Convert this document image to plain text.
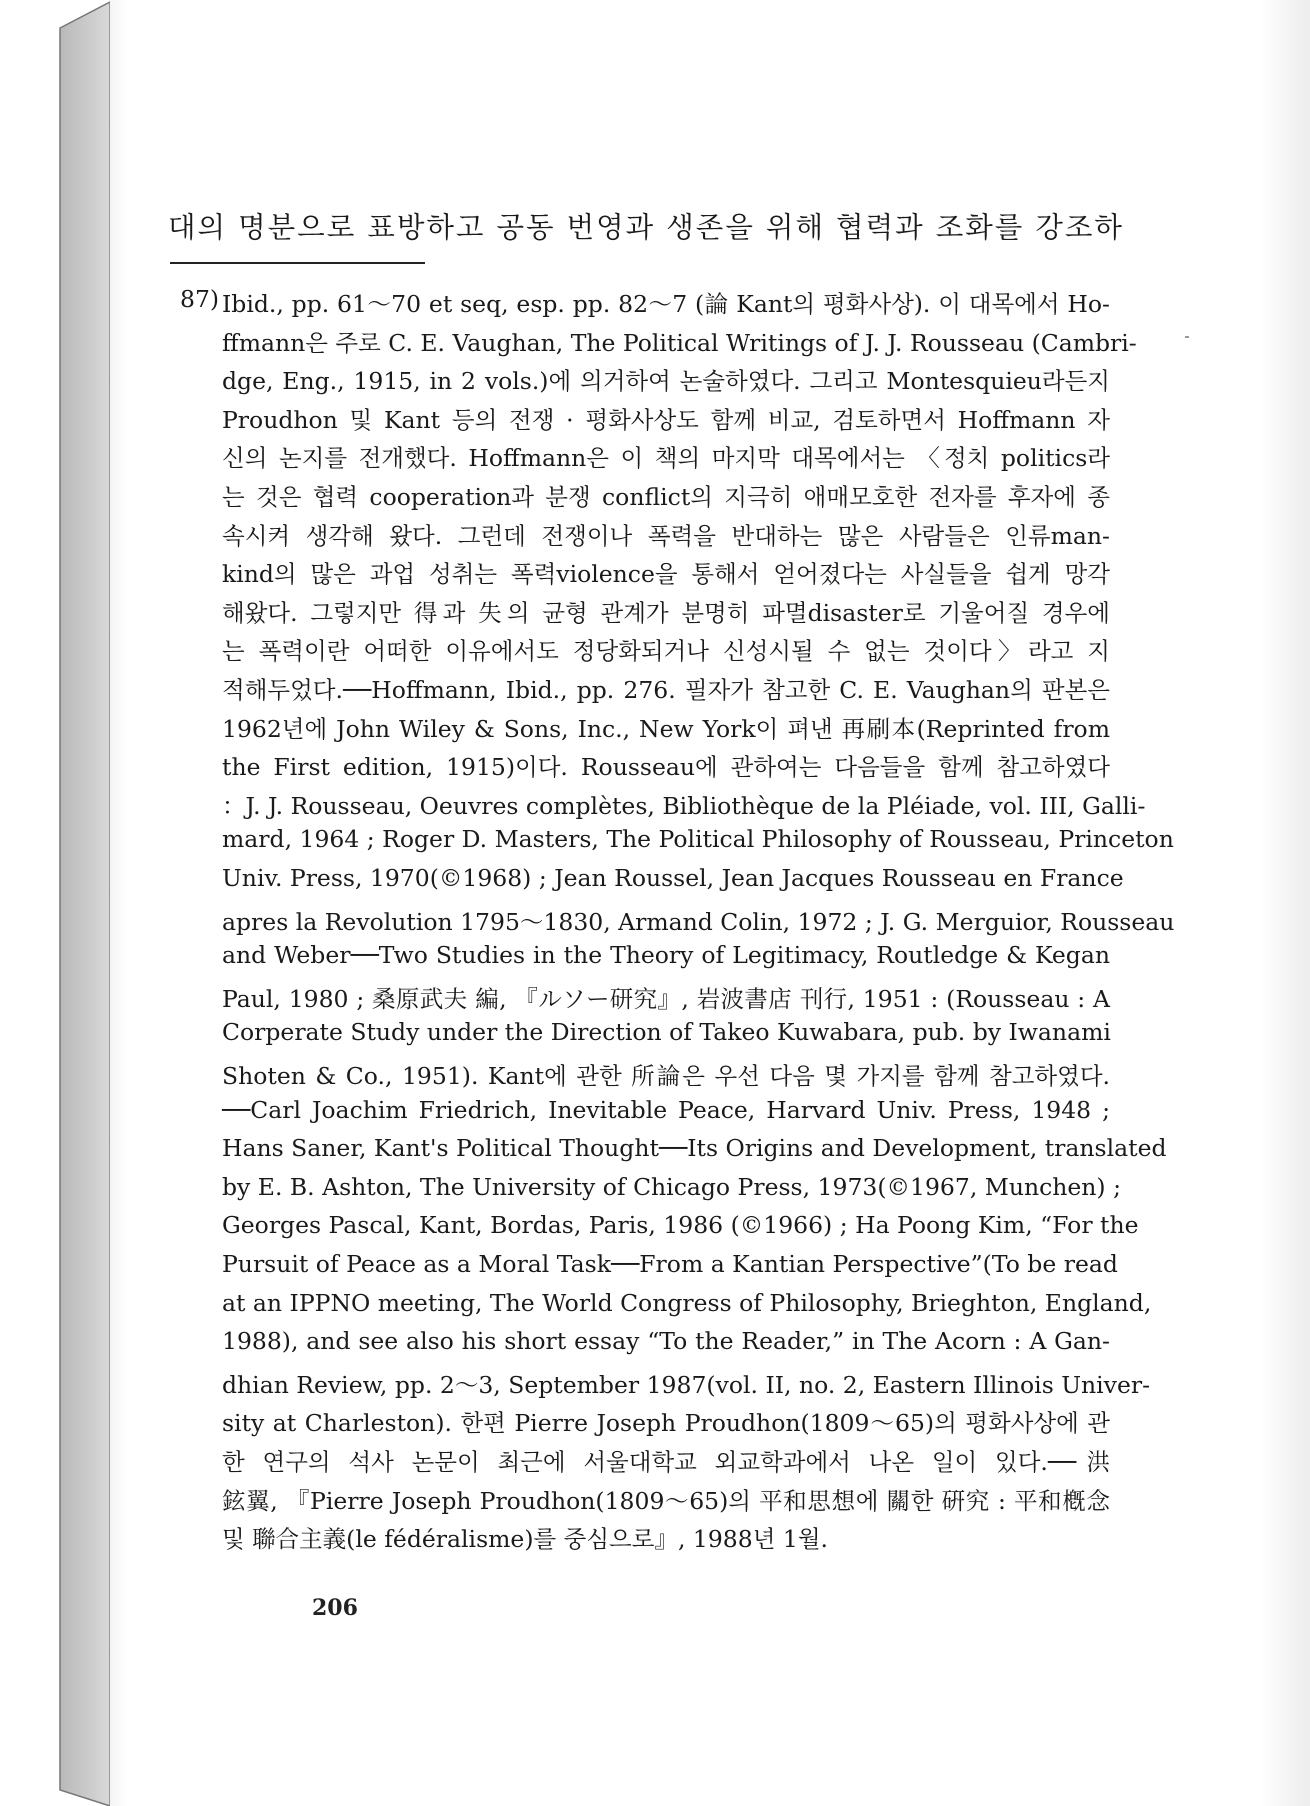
대의 명분으로 표방하고 공동 번영과 생존을 위해 협력과 조화를 강조하
87) Ibid., pp. 61～70 et seq, esp. pp. 82～7 (論 Kant의 평화사상). 이 대목에서 Ho-
ffmann은 주로 C. E. Vaughan, The Political Writings of J. J. Rousseau (Cambri-
dge, Eng., 1915, in 2 vols.)에 의거하여 논술하였다. 그리고 Montesquieu라든지
Proudhon 및 Kant 등의 전쟁 · 평화사상도 함께 비교, 검토하면서 Hoffmann 자
신의 논지를 전개했다. Hoffmann은 이 책의 마지막 대목에서는 〈정치 politics라
는 것은 협력 cooperation과 분쟁 conflict의 지극히 애매모호한 전자를 후자에 종
속시켜 생각해 왔다. 그런데 전쟁이나 폭력을 반대하는 많은 사람들은 인류man-
kind의 많은 과업 성취는 폭력violence을 통해서 얻어졌다는 사실들을 쉽게 망각
해왔다. 그렇지만 得과 失의 균형 관계가 분명히 파멸disaster로 기울어질 경우에
는 폭력이란 어떠한 이유에서도 정당화되거나 신성시될 수 없는 것이다〉라고 지
적해두었다.──Hoffmann, Ibid., pp. 276. 필자가 참고한 C. E. Vaughan의 판본은
1962년에 John Wiley & Sons, Inc., New York이 펴낸 再刷本(Reprinted from
the First edition, 1915)이다. Rousseau에 관하여는 다음들을 함께 참고하였다
：J. J. Rousseau, Oeuvres complètes, Bibliothèque de la Pléiade, vol. III, Galli-
mard, 1964 ; Roger D. Masters, The Political Philosophy of Rousseau, Princeton
Univ. Press, 1970(©1968) ; Jean Roussel, Jean Jacques Rousseau en France
apres la Revolution 1795～1830, Armand Colin, 1972 ; J. G. Merguior, Rousseau
and Weber──Two Studies in the Theory of Legitimacy, Routledge & Kegan
Paul, 1980 ; 桑原武夫 編, 『ルソー研究』, 岩波書店 刊行, 1951 : (Rousseau : A
Corperate Study under the Direction of Takeo Kuwabara, pub. by Iwanami
Shoten & Co., 1951). Kant에 관한 所論은 우선 다음 몇 가지를 함께 참고하였다.
──Carl Joachim Friedrich, Inevitable Peace, Harvard Univ. Press, 1948 ;
Hans Saner, Kant's Political Thought──Its Origins and Development, translated
by E. B. Ashton, The University of Chicago Press, 1973(©1967, Munchen) ;
Georges Pascal, Kant, Bordas, Paris, 1986 (©1966) ; Ha Poong Kim, “For the
Pursuit of Peace as a Moral Task──From a Kantian Perspective”(To be read
at an IPPNO meeting, The World Congress of Philosophy, Brieghton, England,
1988), and see also his short essay “To the Reader,” in The Acorn : A Gan-
dhian Review, pp. 2～3, September 1987(vol. II, no. 2, Eastern Illinois Univer-
sity at Charleston). 한편 Pierre Joseph Proudhon(1809～65)의 평화사상에 관
한 연구의 석사 논문이 최근에 서울대학교 외교학과에서 나온 일이 있다.──洪
鉉翼, 『Pierre Joseph Proudhon(1809～65)의 平和思想에 關한 硏究 : 平和槪念
및 聯合主義(le fédéralisme)를 중심으로』, 1988년 1월.
206
